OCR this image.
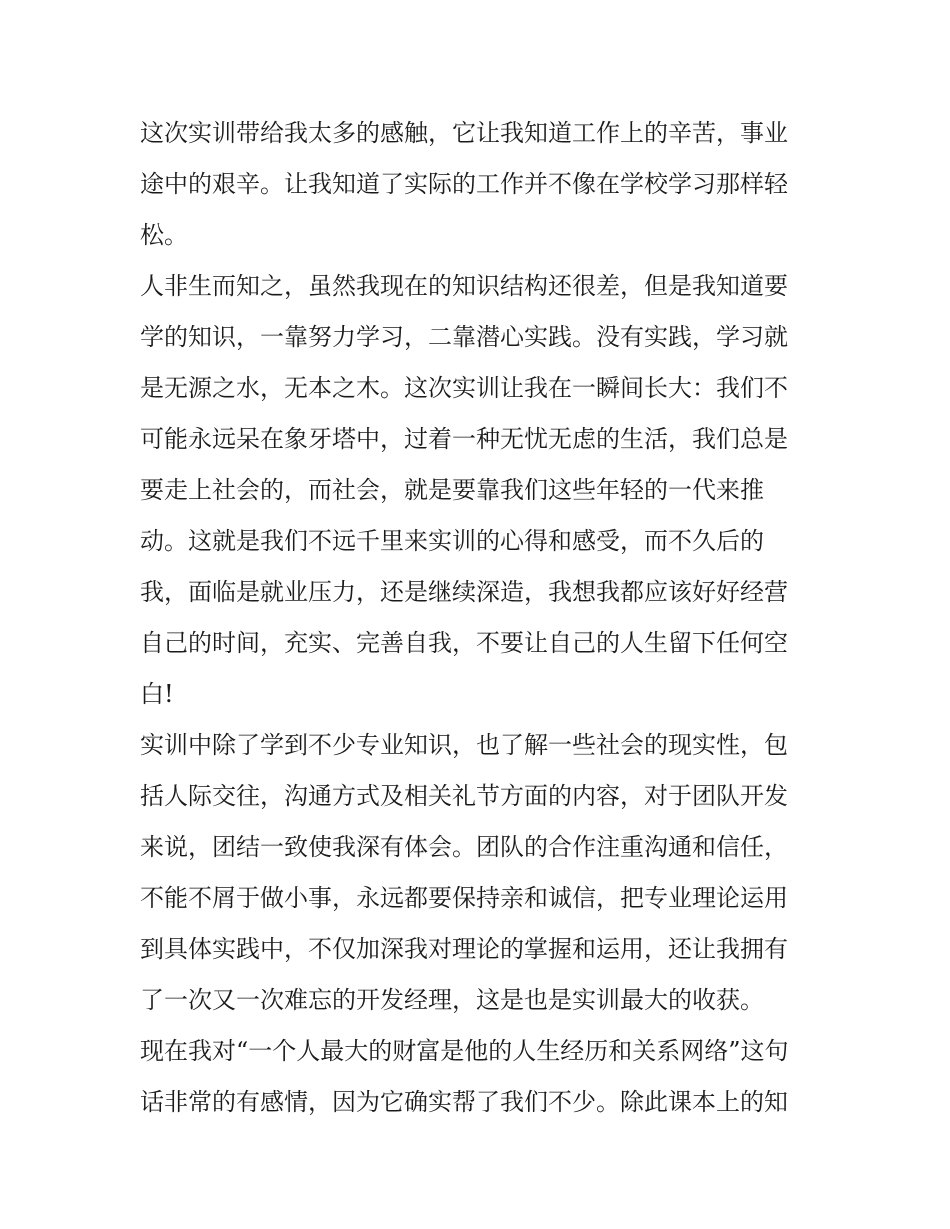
这次实训带给我太多的感触，它让我知道工作上的辛苦，事业
途中的艰辛。让我知道了实际的工作并不像在学校学习那样轻
松。
人非生而知之，虽然我现在的知识结构还很差，但是我知道要
学的知识，一靠努力学习，二靠潜心实践。没有实践，学习就
是无源之水，无本之木。这次实训让我在一瞬间长大：我们不
可能永远呆在象牙塔中，过着一种无忧无虑的生活，我们总是
要走上社会的，而社会，就是要靠我们这些年轻的一代来推
动。这就是我们不远千里来实训的心得和感受，而不久后的
我，面临是就业压力，还是继续深造，我想我都应该好好经营
自己的时间，充实、完善自我，不要让自己的人生留下任何空
白!
实训中除了学到不少专业知识，也了解一些社会的现实性，包
括人际交往，沟通方式及相关礼节方面的内容，对于团队开发
来说，团结一致使我深有体会。团队的合作注重沟通和信任，
不能不屑于做小事，永远都要保持亲和诚信，把专业理论运用
到具体实践中，不仅加深我对理论的掌握和运用，还让我拥有
了一次又一次难忘的开发经理，这是也是实训最大的收获。
现在我对“一个人最大的财富是他的人生经历和关系网络”这句
话非常的有感情，因为它确实帮了我们不少。除此课本上的知
